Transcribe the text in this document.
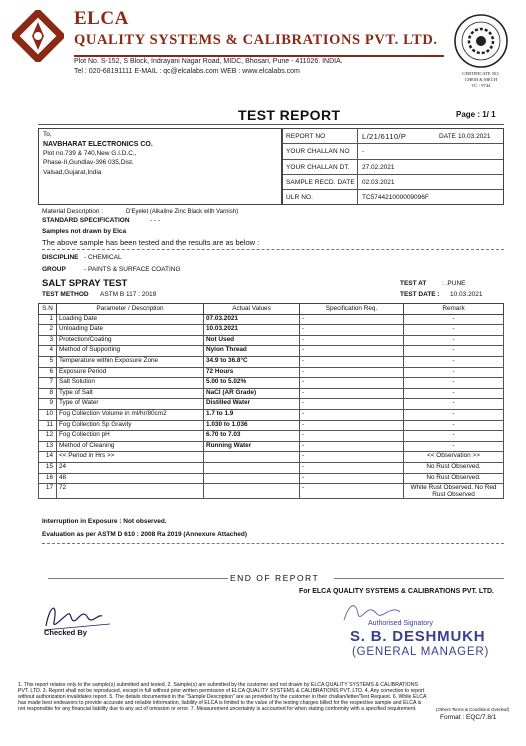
ELCA
QUALITY SYSTEMS & CALIBRATIONS PVT. LTD.
Plot No. S-152, S Block, Indrayani Nagar Road, MIDC, Bhosari, Pune - 411026. INDIA.
Tel : 020-68191111 E-MAIL : qc@elcalabs.com WEB : www.elcalabs.com	CERTIFICATE NO.
CHEM & MECH
TC - 9744
TEST REPORT	Page : 1/ 1
To,
NAVBHARAT ELECTRONICS CO.
Plot no.739 & 740,New G.I.D.C.,
Phase-II,Gundlav-396 035,Dist.
Valsad,Gujarat,India
REPORT NO	L/21/6110/P	DATE 10.03.2021
YOUR CHALLAN NO -
YOUR CHALLAN DT. 27.02.2021
SAMPLE RECD. DATE 02.03.2021
ULR NO.	TC574421000009096F
Material Description :	D'Eyelet (Alkaline Zinc Black with Varnish)
STANDARD SPECIFICATION	- - -
Samples not drawn by Elca
The above sample has been tested and the results are as below :
DISCIPLINE - CHEMICAL
GROUP	- PAINTS & SURFACE COATING
SALT SPRAY TEST
TEST METHOD ASTM B 117 : 2019
TEST AT : .PUNE
TEST DATE : 10.03.2021
S.N	Parameter / Description	Actual Values	Specification Req.	Remark
1	Loading Date	07.03.2021	-	-
2	Unloading Date	10.03.2021	-	-
3	Protection/Coating	Not Used	-	-
4	Method of Supporting	Nylon Thread	-	-
5	Temperature within Exposure Zone	34.9 to 36.8°C	-	-
6	Exposure Period	72 Hours	-	-
7	Salt Solution	5.00 to 5.02%	-	-
8	Type of Salt	NaCl (AR Grade)	-	-
9	Type of Water	Distilled Water	-	-
10	Fog Collection Volume in ml/hr/80cm2	1.7 to 1.9	-	-
11	Fog Collection Sp Gravity	1.030 to 1.036	-	-
12	Fog Collection pH	6.70 to 7.03	-	-
13	Method of Cleaning	Running Water	-	-
14	<< Period in Hrs >>		-	<< Observation >>
15	24		-	No Rust Observed.
16	48		-	No Rust Observed.
17	72		-	White Rust Observed. No Red Rust Observed
Interruption in Exposure : Not observed.
Evaluation as per ASTM D 610 : 2008 Ra 2019 (Annexure Attached)
END OF REPORT
For ELCA QUALITY SYSTEMS & CALIBRATIONS PVT. LTD.
Checked By
Authorised Signatory
S. B. DESHMUKH
(GENERAL MANAGER)
1. This report relates only to the sample(s) submitted and tested. 2. Sample(s) are submitted by the customer and not drawn by ELCA QUALITY SYSTEMS & CALIBRATIONS PVT. LTD. 3. Report shall not be reproduced, except in full without prior written permission of ELCA QUALITY SYSTEMS & CALIBRATIONS PVT. LTD. 4. Any correction to report without authorization invalidates report. 5. The details documented in the "Sample Description" are as provided by the customer in their challan/letter/Test Request. 6. While ELCA has made best endeavors to provide accurate and reliable information, liability of ELCA is limited to the value of the testing charges billed for the respective sample and ELCA is not responsible for any financial liability due to any act of omission or error. 7. Measurement uncertainty is accounted for when stating conformity with a specified requirement.	(Others Terms & Conditions Overleaf)
Format : EQC/7.8/1
